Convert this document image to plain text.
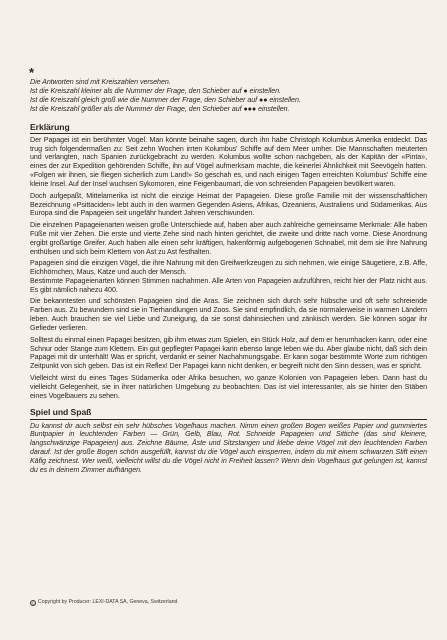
*
Die Antworten sind mit Kreiszahlen versehen.
Ist die Kreiszahl kleiner als die Nummer der Frage, den Schieber auf ● einstellen.
Ist die Kreiszahl gleich groß wie die Nummer der Frage, den Schieber auf ●● einstellen.
Ist die Kreiszahl größer als die Nummer der Frage, den Schieber auf ●●● einstellen.
Erklärung

Der Papagei ist ein berühmter Vogel. Man könnte beinahe sagen, durch ihn habe Christoph Kolumbus Amerika entdeckt. Das trug sich folgendermaßen zu: Seit zehn Wochen irrten Kolumbus' Schiffe auf dem Meer umher. Die Mannschaften meuterten und verlangten, nach Spanien zurückgebracht zu werden. Kolumbus wollte schon nachgeben, als der Kapitän der «Pinta», eines der zur Expedition gehörenden Schiffe, ihn auf Vögel aufmerksam machte, die keinerlei Ähnlichkeit mit Seevögeln hatten. «Folgen wir ihnen, sie fliegen sicherlich zum Land!» So geschah es, und nach einigen Tagen erreichten Kolumbus' Schiffe eine kleine Insel. Auf der Insel wuchsen Sykomoren, eine Feigenbaumart, die von schreienden Papageien bevölkert waren.

Doch aufgepaßt, Mittelamerika ist nicht die einzige Heimat der Papageien. Diese große Familie mit der wissenschaftlichen Bezeichnung «Psittaciden» lebt auch in den warmen Gegenden Asiens, Afrikas, Ozeaniens, Australiens und Südamerikas. Aus Europa sind die Papageien seit ungefähr hundert Jahren verschwunden.

Die einzelnen Papageienarten weisen große Unterschiede auf, haben aber auch zahlreiche gemeinsame Merkmale: Alle haben Füße mit vier Zehen. Die erste und vierte Zehe sind nach hinten gerichtet, die zweite und dritte nach vorne. Diese Anordnung ergibt großartige Greifer. Auch haben alle einen sehr kräftigen, hakenförmig aufgebogenen Schnabel, mit dem sie ihre Nahrung enthülsen und sich beim Klettern von Ast zu Ast festhalten.

Papageien sind die einzigen Vögel, die ihre Nahrung mit den Greifwerkzeugen zu sich nehmen, wie einige Säugetiere, z.B. Affe, Eichhörnchen, Maus, Katze und auch der Mensch.

Bestimmte Papageienarten können Stimmen nachahmen. Alle Arten von Papageien aufzuführen, reicht hier der Platz nicht aus. Es gibt nämlich nahezu 400.

Die bekanntesten und schönsten Papageien sind die Aras. Sie zeichnen sich durch sehr hübsche und oft sehr schreiende Farben aus. Zu bewundern sind sie in Tierhandlungen und Zoos. Sie sind empfindlich, da sie normalerweise in warmen Ländern leben. Auch brauchen sie viel Liebe und Zuneigung, da sie sonst dahinsiechen und zänkisch werden. Sie können sogar ihr Gefieder verlieren.

Solltest du einmal einen Papagei besitzen, gib ihm etwas zum Spielen, ein Stück Holz, auf dem er herumhacken kann, oder eine Schnur oder Stange zum Klettern. Ein gut gepflegter Papagei kann ebenso lange leben wie du. Aber glaube nicht, daß sich dein Papagei mit dir unterhält! Was er spricht, verdankt er seiner Nachahmungsgabe. Er kann sogar bestimmte Worte zum richtigen Zeitpunkt von sich geben. Das ist ein Reflex! Der Papagei kann nicht denken, er begreift nicht den Sinn dessen, was er spricht.

Vielleicht wirst du eines Tages Südamerika oder Afrika besuchen, wo ganze Kolonien von Papageien leben. Dann hast du vielleicht Gelegenheit, sie in ihrer natürlichen Umgebung zu beobachten. Das ist viel interessanter, als sie hinter den Stäben eines Vogelbauers zu sehen.

Spiel und Spaß

Du kannst dir auch selbst ein sehr hübsches Vogelhaus machen. Nimm einen großen Bogen weißes Papier und gummiertes Buntpapier in leuchtenden Farben — Grün, Gelb, Blau, Rot. Schneide Papageien und Sittiche (das sind kleinere, langschwänzige Papageien) aus. Zeichne Bäume, Äste und Sitzstangen und klebe deine Vögel mit den leuchtenden Farben darauf. Ist der große Bogen schön ausgefüllt, kannst du die Vögel auch einsperren, indem du mit einem schwarzen Stift einen Käfig zeichnest. Wer weiß, vielleicht willst du die Vögel nicht in Freiheit lassen? Wenn dein Vogelhaus gut gelungen ist, kannst du es in deinem Zimmer aufhängen.

© Copyright by Producer: LEXI-DATA SA, Geneva, Switzerland
